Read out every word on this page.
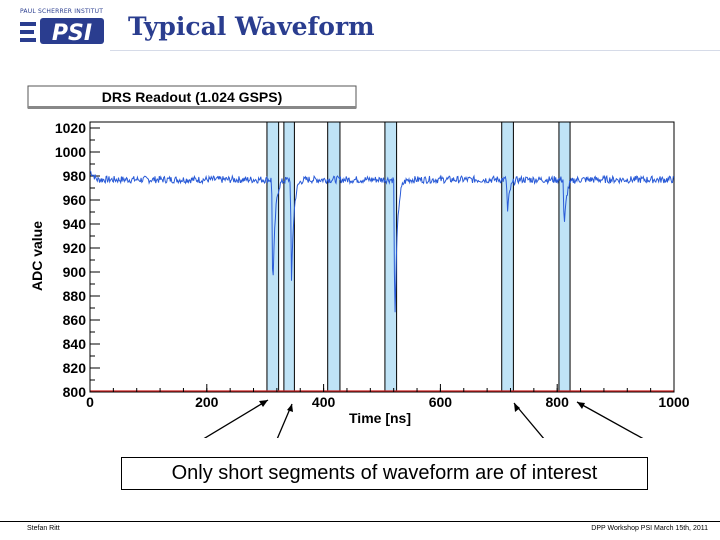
PAUL SCHERRER INSTITUT
PSI Typical Waveform
DRS Readout (1.024 GSPS)
0	200	400	600	800	1000
800
820
840
860
880
900
920
940
960
980
1000
1020
Time [ns]
ADC value
Only short segments of waveform are of interest
Stefan Ritt	DPP Workshop PSI March 15th, 2011
